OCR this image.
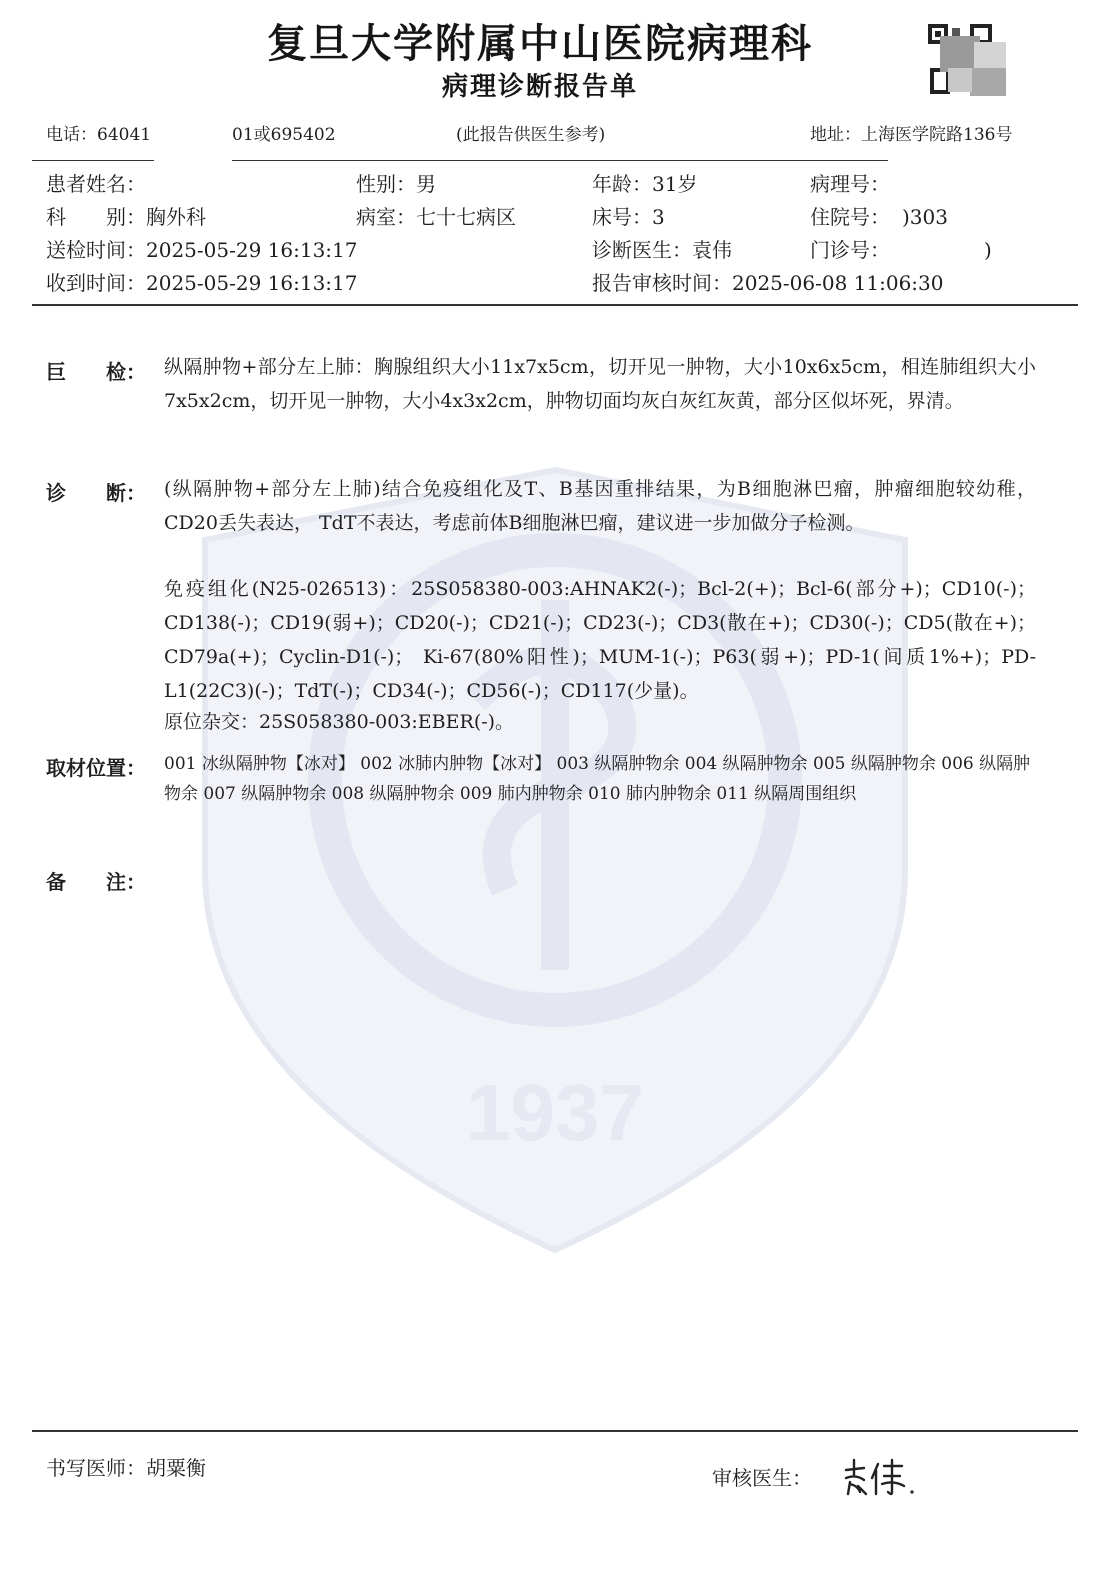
1937
复旦大学附属中山医院病理科
病理诊断报告单
电话：64041	01或695402	(此报告供医生参考)	地址：上海医学院路136号
患者姓名：	性别：男	年龄：31岁	病理号：
科　　别：胸外科	病室：七十七病区	床号：3	住院号： )303
送检时间：2025-05-29 16:13:17	诊断医生：袁伟	门诊号：	)
收到时间：2025-05-29 16:13:17	报告审核时间：2025-06-08 11:06:30
巨　　检： 纵隔肿物+部分左上肺：胸腺组织大小11x7x5cm，切开见一肿物，大小10x6x5cm，相连肺组织大小7x5x2cm，切开见一肿物，大小4x3x2cm，肿物切面均灰白灰红灰黄，部分区似坏死，界清。
诊　　断： (纵隔肿物+部分左上肺)结合免疫组化及T、B基因重排结果，为B细胞淋巴瘤，肿瘤细胞较幼稚， CD20丢失表达， TdT不表达，考虑前体B细胞淋巴瘤，建议进一步加做分子检测。
免疫组化(N25-026513)：25S058380-003:AHNAK2(-)；Bcl-2(+)；Bcl-6(部分+)；CD10(-)；CD138(-)；CD19(弱+)；CD20(-)；CD21(-)；CD23(-)；CD3(散在+)；CD30(-)；CD5(散在+)；CD79a(+)；Cyclin-D1(-)； Ki-67(80%阳性)；MUM-1(-)；P63(弱+)；PD-1(间质1%+)；PD-L1(22C3)(-)；TdT(-)；CD34(-)；CD56(-)；CD117(少量)。
原位杂交：25S058380-003:EBER(-)。
取材位置： 001 冰纵隔肿物【冰对】 002 冰肺内肿物【冰对】 003 纵隔肿物余 004 纵隔肿物余 005 纵隔肿物余 006 纵隔肿物余 007 纵隔肿物余 008 纵隔肿物余 009 肺内肿物余 010 肺内肿物余 011 纵隔周围组织
备　　注：
书写医师：胡粟衡	审核医生：
